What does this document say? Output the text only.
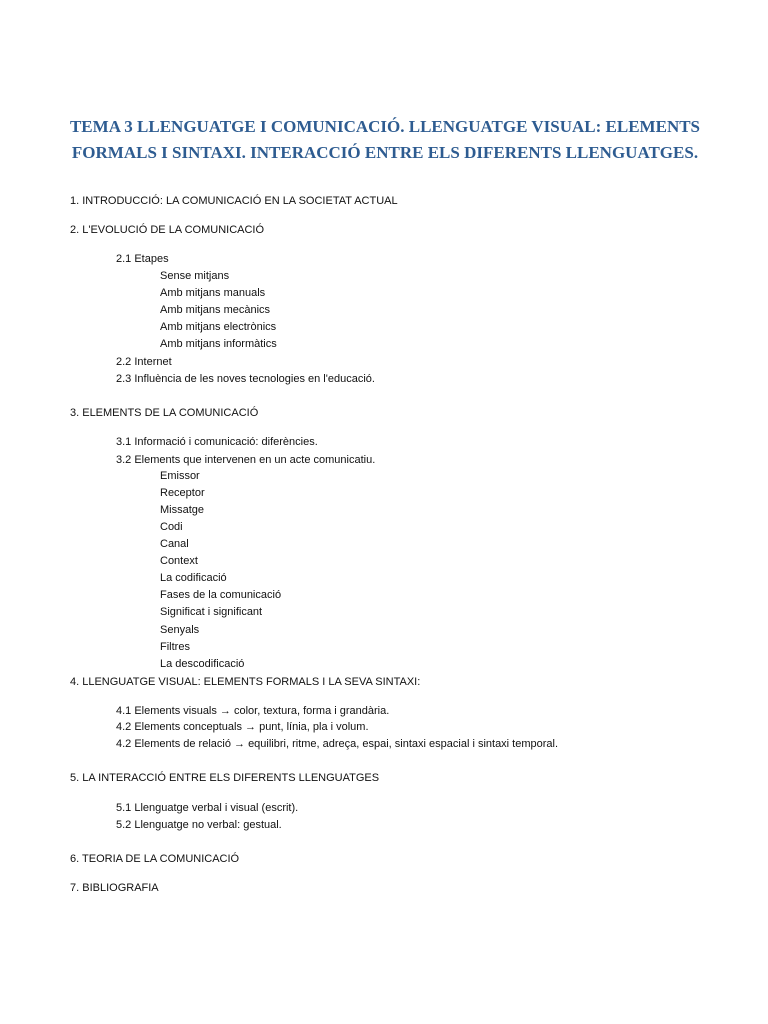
TEMA 3 LLENGUATGE I COMUNICACIÓ. LLENGUATGE VISUAL: ELEMENTS
FORMALS I SINTAXI. INTERACCIÓ ENTRE ELS DIFERENTS LLENGUATGES.
1. INTRODUCCIÓ: LA COMUNICACIÓ EN LA SOCIETAT ACTUAL
2. L'EVOLUCIÓ DE LA COMUNICACIÓ
2.1 Etapes
Sense mitjans
Amb mitjans manuals
Amb mitjans mecànics
Amb mitjans electrònics
Amb mitjans informàtics
2.2 Internet
2.3 Influència de les noves tecnologies en l'educació.
3. ELEMENTS DE LA COMUNICACIÓ
3.1 Informació i comunicació: diferències.
3.2 Elements que intervenen en un acte comunicatiu.
Emissor
Receptor
Missatge
Codi
Canal
Context
La codificació
Fases de la comunicació
Significat i significant
Senyals
Filtres
La descodificació
4. LLENGUATGE VISUAL: ELEMENTS FORMALS I LA SEVA SINTAXI:
4.1 Elements visuals → color, textura, forma i grandària.
4.2 Elements conceptuals → punt, línia, pla i volum.
4.2 Elements de relació → equilibri, ritme, adreça, espai, sintaxi espacial i sintaxi temporal.
5. LA INTERACCIÓ ENTRE ELS DIFERENTS LLENGUATGES
5.1 Llenguatge verbal i visual (escrit).
5.2 Llenguatge no verbal: gestual.
6. TEORIA DE LA COMUNICACIÓ
7. BIBLIOGRAFIA
